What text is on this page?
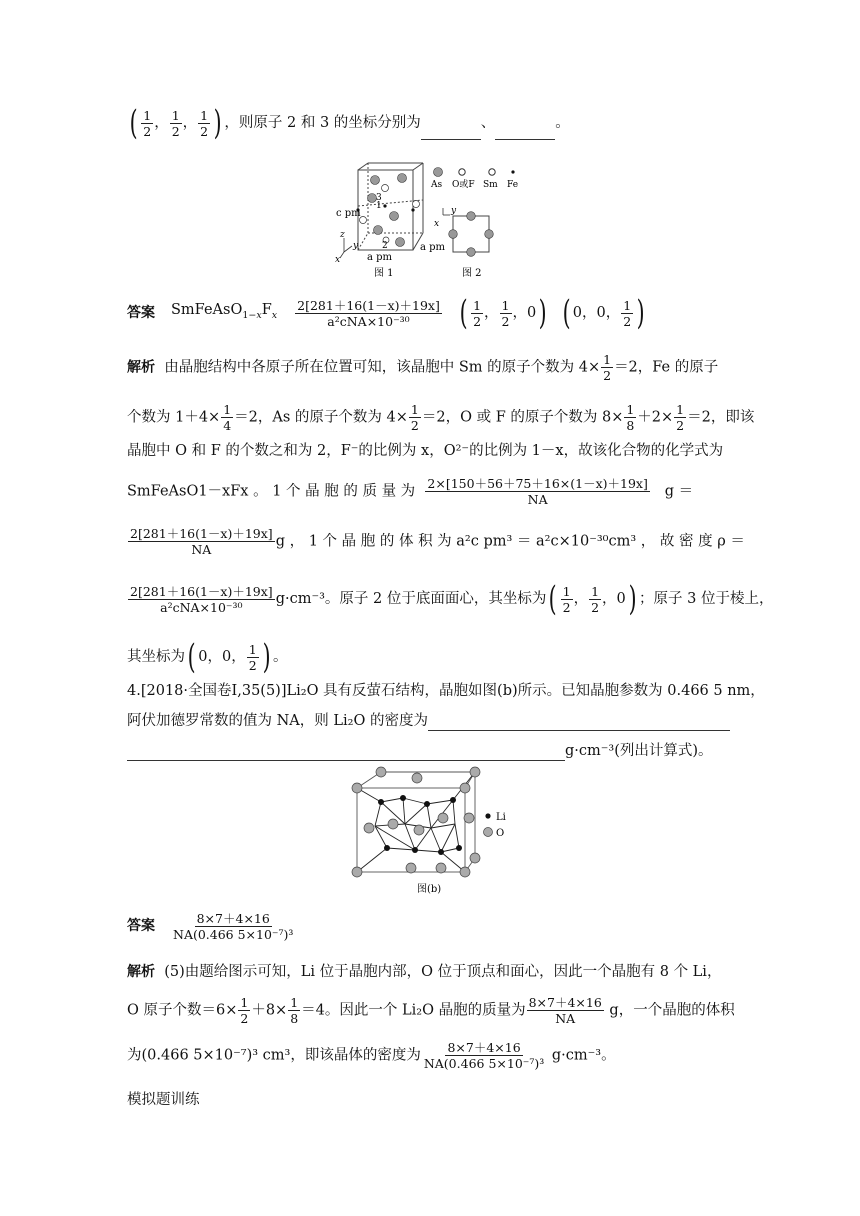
( $\frac{1}{2}$ ， $\frac{1}{2}$ ， $\frac{1}{2}$ ) ，则原子 2 和 3 的坐标分别为	、	。
c pm
a pm
a pm
1
3
2
z
y
x
图 1
As O或F Sm Fe
y
x
图 2
答案 $SmFeAsO_{1-x}F_x \frac{2[281+16(1-x)+19x]}{\text{a²cNA×10⁻³⁰}}$ ( $\frac{1}{2}$ ， $\frac{1}{2}$ ， 0 ) ( 0 ， 0 ， $\frac{1}{2}$ )
解析 由晶胞结构中各原子所在位置可知，该晶胞中 Sm 的原子个数为 $4\times \frac{1}{2} =2$，Fe 的原子
个数为 $1+4\times \frac{1}{4} =2$，As 的原子个数为 $4\times \frac{1}{2} =2$，O 或 F 的原子个数为 $8\times \frac{1}{8} +2\times \frac{1}{2} =2$，即该
晶胞中 O 和 F 的个数之和为 2，F⁻的比例为 x，O²⁻的比例为 1－x，故该化合物的化学式为
SmFeAsO1－xFx 。 1 个 晶 胞 的 质 量 为 $\frac{2\times[150+56+75+16\times(1-x)+19x]}{NA}$ g ＝
$\frac{2[281+16(1-x)+19x]}{NA}$ g ， 1 个 晶 胞 的 体 积 为 a²c pm³ ＝ a²c×10⁻³⁰cm³ ， 故 密 度 ρ ＝
$\frac{2[281+16(1-x)+19x]}{\text{a²cNA×10⁻³⁰}} g\cdot cm^{-3}$。原子 2 位于底面面心，其坐标为 ( $\frac{1}{2}$ ， $\frac{1}{2}$ ， 0 ) ；原子 3 位于棱上，
其坐标为 ( 0 ， 0 ， $\frac{1}{2}$ ) 。
4.[2018·全国卷Ⅰ,35(5)]Li₂O 具有反萤石结构，晶胞如图(b)所示。已知晶胞参数为 0.466 5 nm，
阿伏加德罗常数的值为 NA，则 Li₂O 的密度为
g·cm⁻³(列出计算式)。
Li
O
图(b)
答案 $\frac{8\times 7+4\times 16}{\text{NA(0.466 5×10⁻⁷)³}}$
解析 (5)由题给图示可知，Li 位于晶胞内部，O 位于顶点和面心，因此一个晶胞有 8 个 Li，
O 原子个数$=6\times \frac{1}{2} +8\times \frac{1}{8} =4$。因此一个 Li₂O 晶胞的质量为 $\frac{8\times 7+4\times 16}{NA}$ g，一个晶胞的体积
为(0.466 5×10⁻⁷)³ cm³，即该晶体的密度为 $\frac{8\times 7+4\times 16}{\text{NA(0.466 5×10⁻⁷)³}} g\cdot cm^{-3}$。
模拟题训练
